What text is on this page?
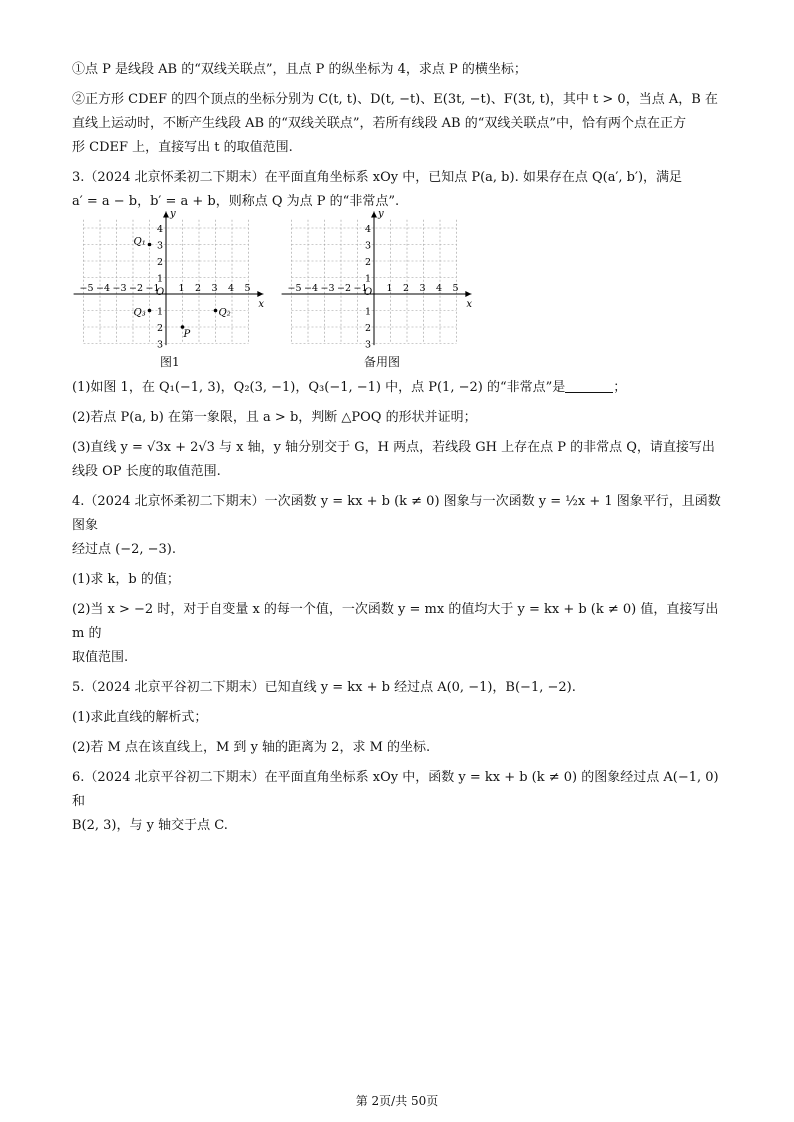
①点 P 是线段 AB 的“双线关联点”，且点 P 的纵坐标为 4，求点 P 的横坐标；

②正方形 CDEF 的四个顶点的坐标分别为 C(t, t)、D(t, −t)、E(3t, −t)、F(3t, t)，其中 t > 0，当点 A，B 在

直线上运动时，不断产生线段 AB 的“双线关联点”，若所有线段 AB 的“双线关联点”中，恰有两个点在正方

形 CDEF 上，直接写出 t 的取值范围.

3.（2024 北京怀柔初二下期末）在平面直角坐标系 xOy 中，已知点 P(a, b). 如果存在点 Q(a′, b′)，满足

a′ = a − b，b′ = a + b，则称点 Q 为点 P 的“非常点”.

x
y
O
−5 −4 −3 −2 −1 1 2 3 4 5
4
3
2
1
1
2
3
Q₁
Q₂
Q₃
P
x
y
O
−5 −4 −3 −2 −1 1 2 3 4 5
4
3
2
1
1
2
3
图1	备用图

(1)如图 1，在 Q₁(−1, 3)，Q₂(3, −1)，Q₃(−1, −1) 中，点 P(1, −2) 的“非常点”是	；

(2)若点 P(a, b) 在第一象限，且 a > b，判断 △POQ 的形状并证明；

(3)直线 y = √3x + 2√3 与 x 轴，y 轴分别交于 G，H 两点，若线段 GH 上存在点 P 的非常点 Q，请直接写出

线段 OP 长度的取值范围.

4.（2024 北京怀柔初二下期末）一次函数 y = kx + b (k ≠ 0) 图象与一次函数 y = ½x + 1 图象平行，且函数图象

经过点 (−2, −3).

(1)求 k，b 的值；

(2)当 x > −2 时，对于自变量 x 的每一个值，一次函数 y = mx 的值均大于 y = kx + b (k ≠ 0) 值，直接写出 m 的

取值范围.

5.（2024 北京平谷初二下期末）已知直线 y = kx + b 经过点 A(0, −1)，B(−1, −2).

(1)求此直线的解析式；

(2)若 M 点在该直线上，M 到 y 轴的距离为 2，求 M 的坐标.

6.（2024 北京平谷初二下期末）在平面直角坐标系 xOy 中，函数 y = kx + b (k ≠ 0) 的图象经过点 A(−1, 0) 和

B(2, 3)，与 y 轴交于点 C.

第 2页/共 50页
